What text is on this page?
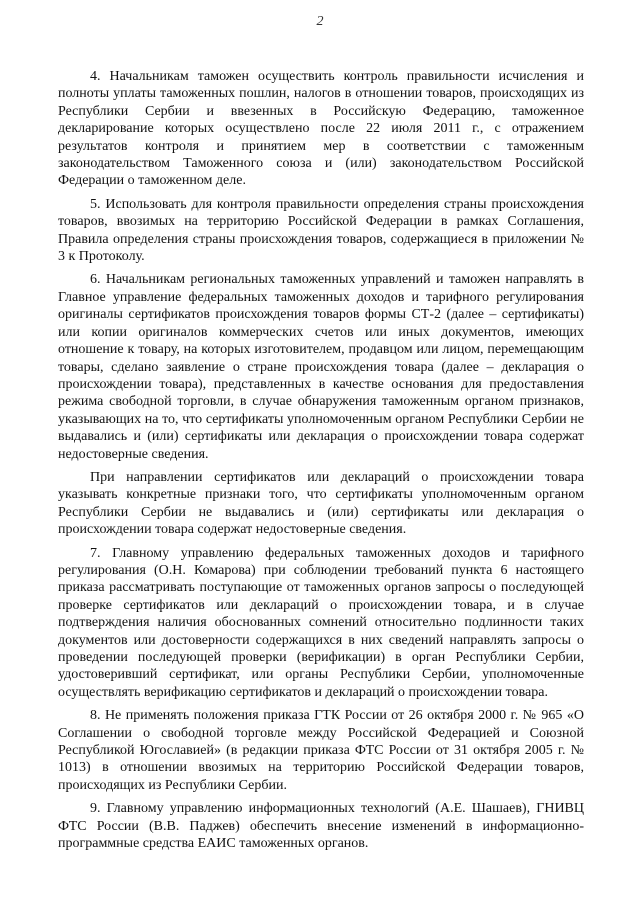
2

4. Начальникам таможен осуществить контроль правильности исчисления и полноты уплаты таможенных пошлин, налогов в отношении товаров, происходящих из Республики Сербии и ввезенных в Российскую Федерацию, таможенное декларирование которых осуществлено после 22 июля 2011 г., с отражением результатов контроля и принятием мер в соответствии с таможенным законодательством Таможенного союза и (или) законодательством Российской Федерации о таможенном деле.

5. Использовать для контроля правильности определения страны происхождения товаров, ввозимых на территорию Российской Федерации в рамках Соглашения, Правила определения страны происхождения товаров, содержащиеся в приложении № 3 к Протоколу.

6. Начальникам региональных таможенных управлений и таможен направлять в Главное управление федеральных таможенных доходов и тарифного регулирования оригиналы сертификатов происхождения товаров формы СТ-2 (далее – сертификаты) или копии оригиналов коммерческих счетов или иных документов, имеющих отношение к товару, на которых изготовителем, продавцом или лицом, перемещающим товары, сделано заявление о стране происхождения товара (далее – декларация о происхождении товара), представленных в качестве основания для предоставления режима свободной торговли, в случае обнаружения таможенным органом признаков, указывающих на то, что сертификаты уполномоченным органом Республики Сербии не выдавались и (или) сертификаты или декларация о происхождении товара содержат недостоверные сведения.

При направлении сертификатов или деклараций о происхождении товара указывать конкретные признаки того, что сертификаты уполномоченным органом Республики Сербии не выдавались и (или) сертификаты или декларация о происхождении товара содержат недостоверные сведения.

7. Главному управлению федеральных таможенных доходов и тарифного регулирования (О.Н. Комарова) при соблюдении требований пункта 6 настоящего приказа рассматривать поступающие от таможенных органов запросы о последующей проверке сертификатов или деклараций о происхождении товара, и в случае подтверждения наличия обоснованных сомнений относительно подлинности таких документов или достоверности содержащихся в них сведений направлять запросы о проведении последующей проверки (верификации) в орган Республики Сербии, удостоверивший сертификат, или органы Республики Сербии, уполномоченные осуществлять верификацию сертификатов и деклараций о происхождении товара.

8. Не применять положения приказа ГТК России от 26 октября 2000 г. № 965 «О Соглашении о свободной торговле между Российской Федерацией и Союзной Республикой Югославией» (в редакции приказа ФТС России от 31 октября 2005 г. № 1013) в отношении ввозимых на территорию Российской Федерации товаров, происходящих из Республики Сербии.

9. Главному управлению информационных технологий (А.Е. Шашаев), ГНИВЦ ФТС России (В.В. Паджев) обеспечить внесение изменений в информационно-программные средства ЕАИС таможенных органов.
